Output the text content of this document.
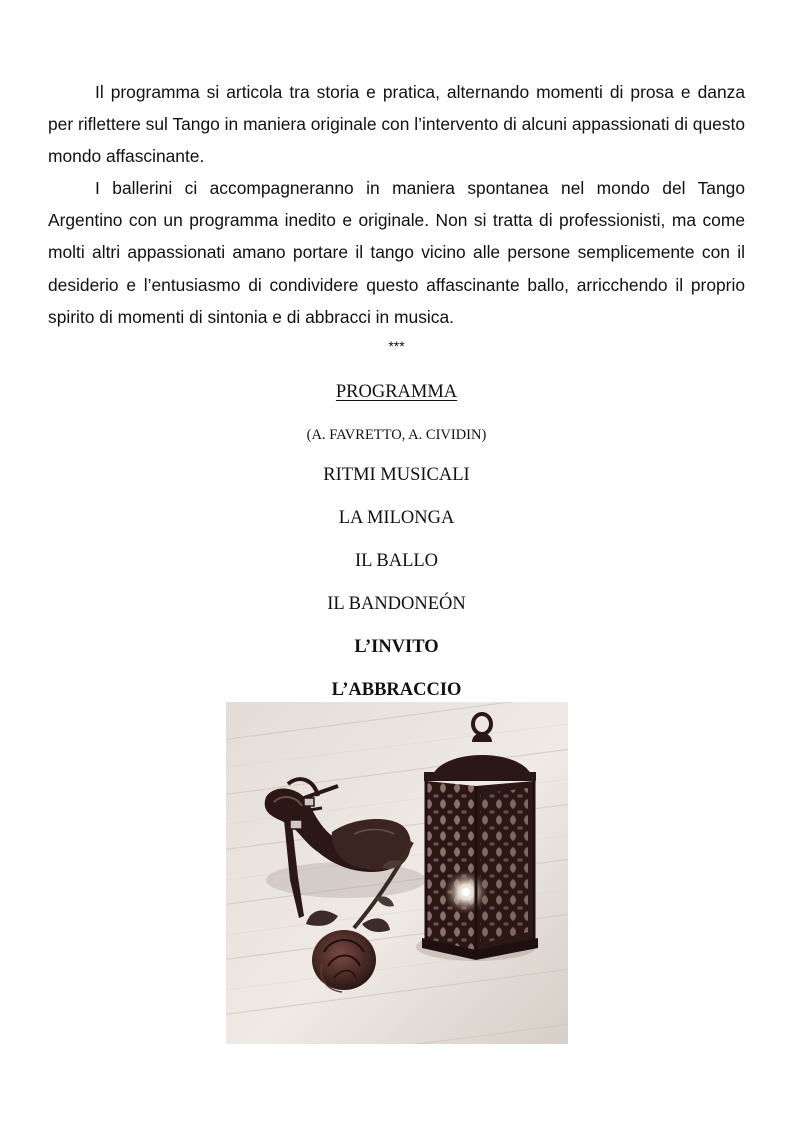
Il programma si articola tra storia e pratica, alternando momenti di prosa e danza per riflettere sul Tango in maniera originale con l’intervento di alcuni appassionati di questo mondo affascinante.

I ballerini ci accompagneranno in maniera spontanea nel mondo del Tango Argentino con un programma inedito e originale. Non si tratta di professionisti, ma come molti altri appassionati amano portare il tango vicino alle persone semplicemente con il desiderio e l’entusiasmo di condividere questo affascinante ballo, arricchendo il proprio spirito di momenti di sintonia e di abbracci in musica.

***
PROGRAMMA
(A. FAVRETTO, A. CIVIDIN)
RITMI MUSICALI
LA MILONGA
IL BALLO
IL BANDONEÓN
L’INVITO
L’ABBRACCIO
